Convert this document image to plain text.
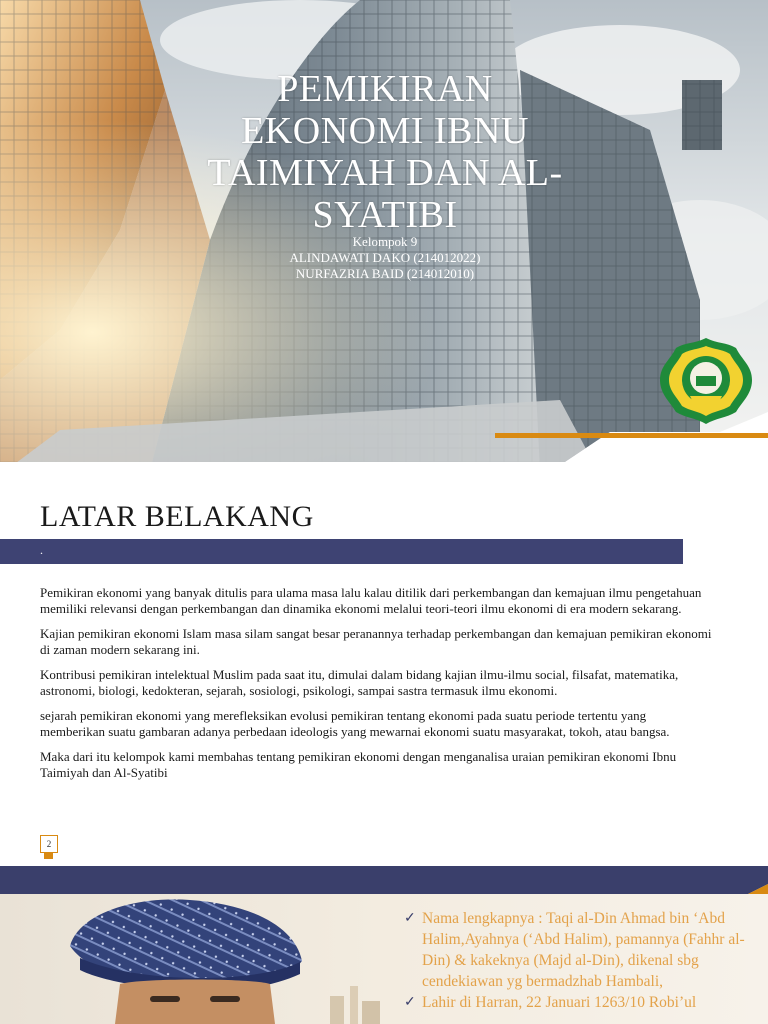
PEMIKIRAN EKONOMI IBNU TAIMIYAH DAN AL-SYATIBI
Kelompok 9
ALINDAWATI DAKO (214012022)
NURFAZRIA BAID (214012010)
LATAR BELAKANG
.

Pemikiran ekonomi yang banyak ditulis para ulama masa lalu kalau ditilik dari perkembangan dan kemajuan ilmu pengetahuan memiliki relevansi dengan perkembangan dan dinamika ekonomi melalui teori-teori ilmu ekonomi di era modern sekarang.

Kajian pemikiran ekonomi Islam masa silam sangat besar peranannya terhadap perkembangan dan kemajuan pemikiran ekonomi di zaman modern sekarang ini.

Kontribusi pemikiran intelektual Muslim pada saat itu, dimulai dalam bidang kajian ilmu-ilmu social, filsafat, matematika, astronomi, biologi, kedokteran, sejarah, sosiologi, psikologi, sampai sastra termasuk ilmu ekonomi.

sejarah pemikiran ekonomi yang merefleksikan evolusi pemikiran tentang ekonomi pada suatu periode tertentu yang memberikan suatu gambaran adanya perbedaan ideologis yang mewarnai ekonomi suatu masyarakat, tokoh, atau bangsa.

Maka dari itu kelompok kami membahas tentang pemikiran ekonomi dengan menganalisa uraian pemikiran ekonomi Ibnu Taimiyah dan Al-Syatibi

2
✓ Nama lengkapnya : Taqi al-Din Ahmad bin ‘Abd Halim,Ayahnya (‘Abd Halim), pamannya (Fahhr al-Din) & kakeknya (Majd al-Din), dikenal sbg cendekiawan yg bermadzhab Hambali,
✓ Lahir di Harran, 22 Januari 1263/10 Robi’ul
